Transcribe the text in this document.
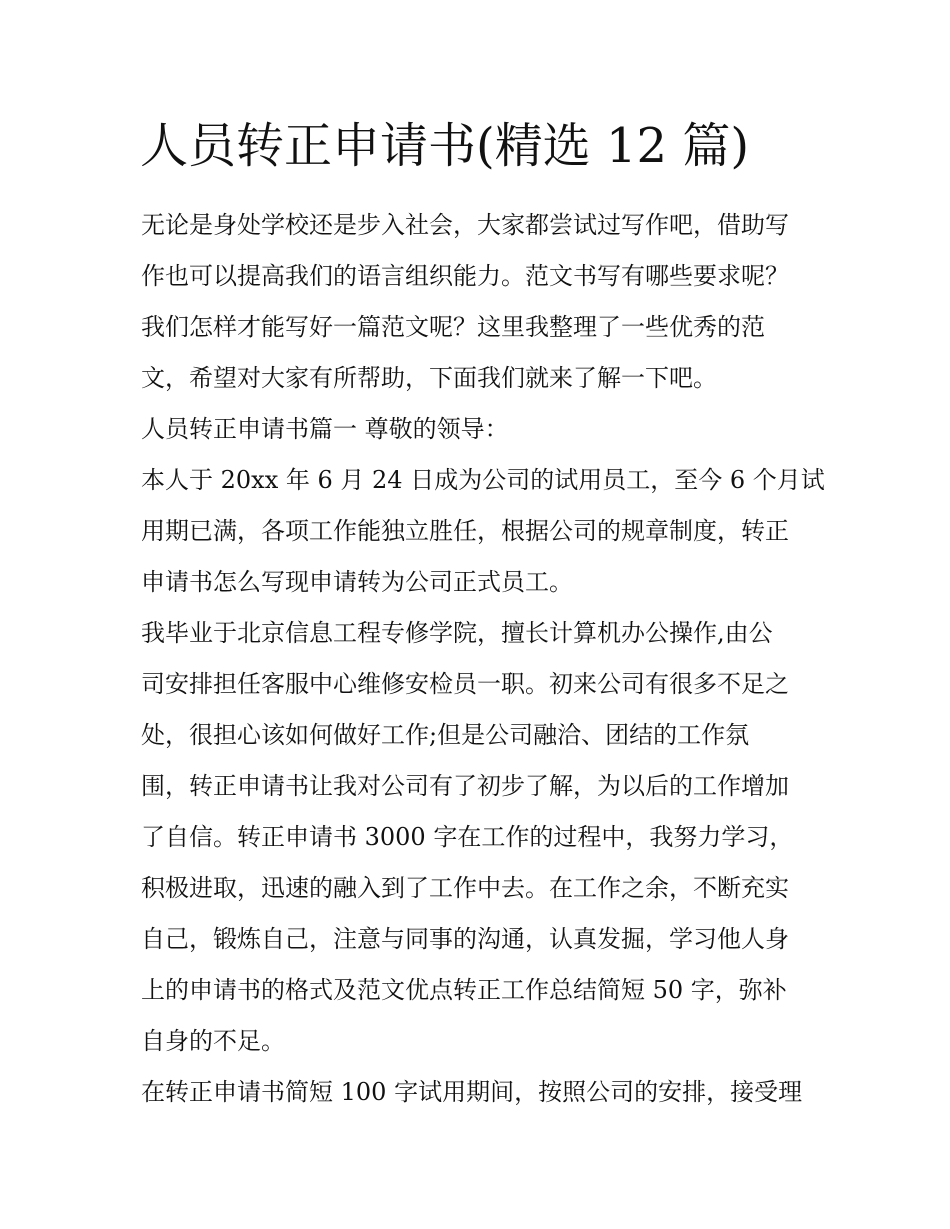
人员转正申请书(精选 12 篇)
无论是身处学校还是步入社会，大家都尝试过写作吧，借助写
作也可以提高我们的语言组织能力。范文书写有哪些要求呢？
我们怎样才能写好一篇范文呢？这里我整理了一些优秀的范
文，希望对大家有所帮助，下面我们就来了解一下吧。
人员转正申请书篇一 尊敬的领导：
本人于 20xx 年 6 月 24 日成为公司的试用员工，至今 6 个月试
用期已满，各项工作能独立胜任，根据公司的规章制度，转正
申请书怎么写现申请转为公司正式员工。
我毕业于北京信息工程专修学院，擅长计算机办公操作,由公
司安排担任客服中心维修安检员一职。初来公司有很多不足之
处，很担心该如何做好工作;但是公司融洽、团结的工作氛
围，转正申请书让我对公司有了初步了解，为以后的工作增加
了自信。转正申请书 3000 字在工作的过程中，我努力学习，
积极进取，迅速的融入到了工作中去。在工作之余，不断充实
自己，锻炼自己，注意与同事的沟通，认真发掘，学习他人身
上的申请书的格式及范文优点转正工作总结简短 50 字，弥补
自身的不足。
在转正申请书简短 100 字试用期间，按照公司的安排，接受理
